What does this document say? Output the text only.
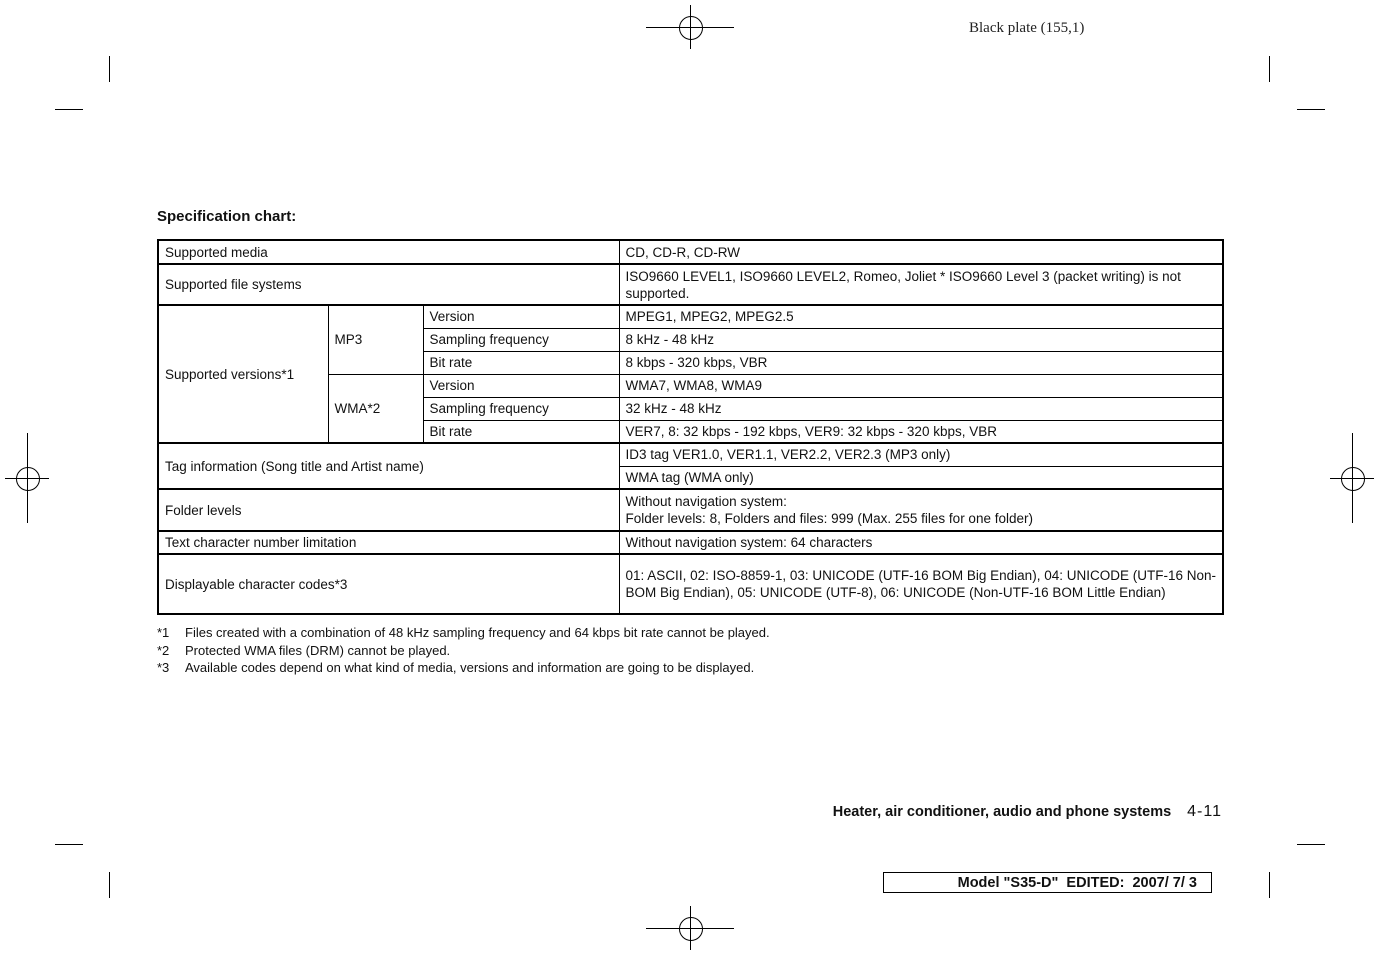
Black plate (155,1)
Specification chart:
Supported media			CD, CD-R, CD-RW
Supported file systems			ISO9660 LEVEL1, ISO9660 LEVEL2, Romeo, Joliet * ISO9660 Level 3 (packet writing) is not supported.
Supported versions*1	MP3	Version	MPEG1, MPEG2, MPEG2.5
		Sampling frequency	8 kHz - 48 kHz
		Bit rate	8 kbps - 320 kbps, VBR
	WMA*2	Version	WMA7, WMA8, WMA9
		Sampling frequency	32 kHz - 48 kHz
		Bit rate	VER7, 8: 32 kbps - 192 kbps, VER9: 32 kbps - 320 kbps, VBR
Tag information (Song title and Artist name)			ID3 tag VER1.0, VER1.1, VER2.2, VER2.3 (MP3 only)
			WMA tag (WMA only)
Folder levels			Without navigation system:
Folder levels: 8, Folders and files: 999 (Max. 255 files for one folder)

Text character number limitation			Without navigation system: 64 characters
Displayable character codes*3			01: ASCII, 02: ISO-8859-1, 03: UNICODE (UTF-16 BOM Big Endian), 04: UNICODE (UTF-16 Non-BOM Big Endian), 05: UNICODE (UTF-8), 06: UNICODE (Non-UTF-16 BOM Little Endian)
*1	Files created with a combination of 48 kHz sampling frequency and 64 kbps bit rate cannot be played.
*2	Protected WMA files (DRM) cannot be played.
*3	Available codes depend on what kind of media, versions and information are going to be displayed.
Heater, air conditioner, audio and phone systems 4-11
Model "S35-D"  EDITED:  2007/ 7/ 3
